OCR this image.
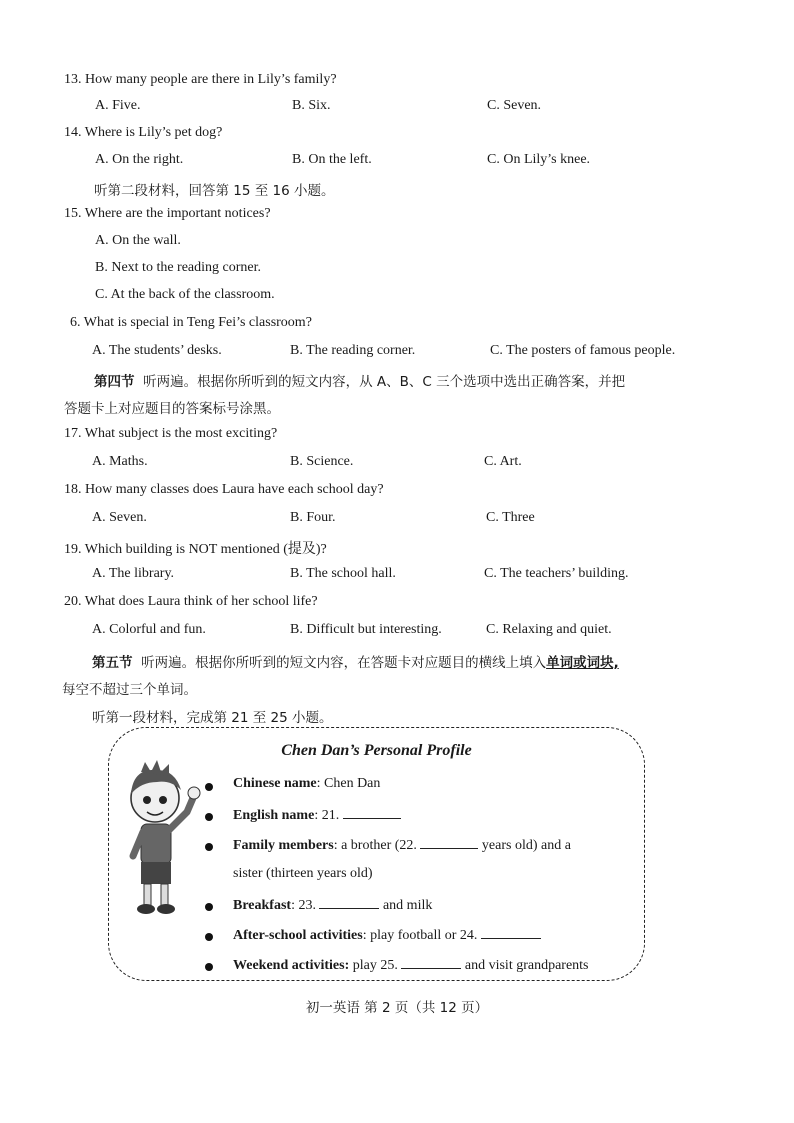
13. How many people are there in Lily’s family?
A. Five.	B. Six.	C. Seven.
14. Where is Lily’s pet dog?
A. On the right.	B. On the left.	C. On Lily’s knee.
听第二段材料，回答第 15 至 16 小题。
15. Where are the important notices?
A. On the wall.
B. Next to the reading corner.
C. At the back of the classroom.
6. What is special in Teng Fei’s classroom?
A. The students’ desks.	B. The reading corner.	C. The posters of famous people.
第四节 听两遍。根据你所听到的短文内容，从 A、B、C 三个选项中选出正确答案，并把
答题卡上对应题目的答案标号涂黑。
17. What subject is the most exciting?
A. Maths.	B. Science.	C. Art.
18. How many classes does Laura have each school day?
A. Seven.	B. Four.	C. Three
19. Which building is NOT mentioned (提及)?
A. The library.	B. The school hall.	C. The teachers’ building.
20. What does Laura think of her school life?
A. Colorful and fun.	B. Difficult but interesting.	C. Relaxing and quiet.
第五节 听两遍。根据你所听到的短文内容，在答题卡对应题目的横线上填入单词或词块,
每空不超过三个单词。
听第一段材料，完成第 21 至 25 小题。
Chen Dan’s Personal Profile
Chinese name: Chen Dan
English name: 21.
Family members: a brother (22.	years old) and a
sister (thirteen years old)
Breakfast: 23.	and milk
After-school activities: play football or 24.
Weekend activities: play 25.	and visit grandparents
初一英语 第 2 页（共 12 页）
